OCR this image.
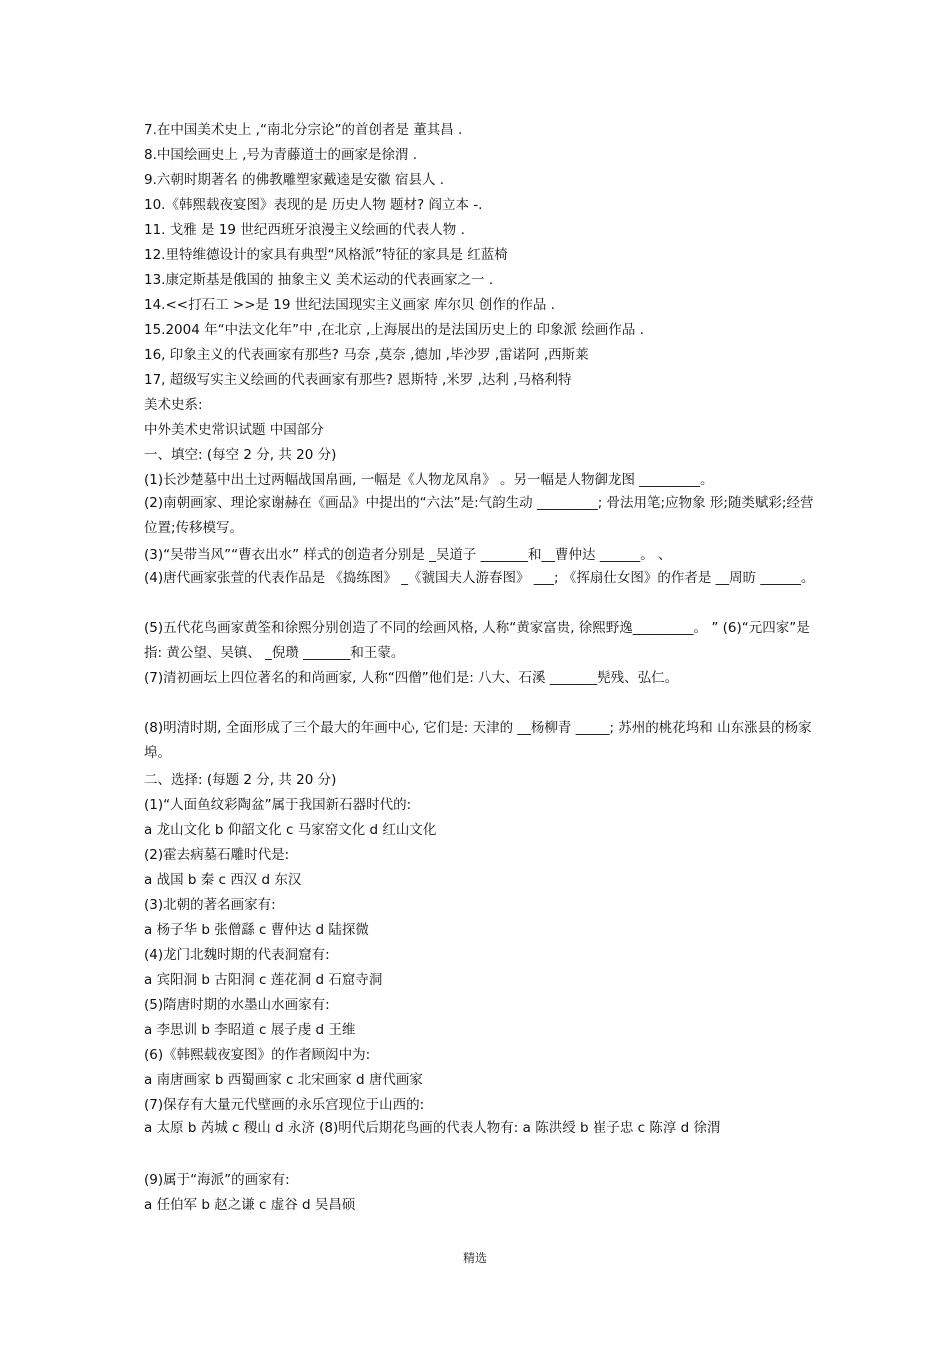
7.在中国美术史上 ,“南北分宗论”的首创者是 董其昌 .
8.中国绘画史上 ,号为青藤道士的画家是徐渭 .
9.六朝时期著名 的佛教雕塑家戴逵是安徽 宿县人 .
10.《韩熙载夜宴图》表现的是 历史人物 题材? 阎立本 -.
11. 戈雅 是 19 世纪西班牙浪漫主义绘画的代表人物 .
12.里特维德设计的家具有典型“风格派”特征的家具是 红蓝椅
13.康定斯基是俄国的 抽象主义 美术运动的代表画家之一 .
14.<<打石工 >>是 19 世纪法国现实主义画家 库尔贝 创作的作品 .
15.2004 年“中法文化年”中 ,在北京 ,上海展出的是法国历史上的 印象派 绘画作品 .
16, 印象主义的代表画家有那些? 马奈 ,莫奈 ,德加 ,毕沙罗 ,雷诺阿 ,西斯莱
17, 超级写实主义绘画的代表画家有那些? 恩斯特 ,米罗 ,达利 ,马格利特
美术史系:
中外美术史常识试题 中国部分
一、填空: (每空 2 分, 共 20 分)
(1)长沙楚墓中出土过两幅战国帛画, 一幅是《人物龙凤帛》 。另一幅是人物御龙图 _________。
(2)南朝画家、理论家谢赫在《画品》中提出的“六法”是:气韵生动 _________; 骨法用笔;应物象 形;随类赋彩;经营位置;传移模写。
(3)“吴带当风”“曹衣出水” 样式的创造者分别是 _吴道子 _______和__曹仲达 ______。 、
(4)唐代画家张萱的代表作品是 《捣练图》 _《虢国夫人游春图》 ___; 《挥扇仕女图》的作者是 __周昉 ______。
(5)五代花鸟画家黄筌和徐熙分别创造了不同的绘画风格, 人称“黄家富贵, 徐熙野逸_________。 ” (6)“元四家”是指: 黄公望、吴镇、 _倪瓒 _______和王蒙。
(7)清初画坛上四位著名的和尚画家, 人称“四僧”他们是: 八大、石溪 _______髡残、弘仁。
(8)明清时期, 全面形成了三个最大的年画中心, 它们是: 天津的 __杨柳青 _____; 苏州的桃花坞和 山东涨县的杨家埠。
二、选择: (每题 2 分, 共 20 分)
(1)“人面鱼纹彩陶盆”属于我国新石器时代的:
a 龙山文化 b 仰韶文化 c 马家窑文化 d 红山文化
(2)霍去病墓石雕时代是:
a 战国 b 秦 c 西汉 d 东汉
(3)北朝的著名画家有:
a 杨子华 b 张僧繇 c 曹仲达 d 陆探微
(4)龙门北魏时期的代表洞窟有:
a 宾阳洞 b 古阳洞 c 莲花洞 d 石窟寺洞
(5)隋唐时期的水墨山水画家有:
a 李思训 b 李昭道 c 展子虔 d 王维
(6)《韩熙载夜宴图》的作者顾闳中为:
a 南唐画家 b 西蜀画家 c 北宋画家 d 唐代画家
(7)保存有大量元代壁画的永乐宫现位于山西的:
a 太原 b 芮城 c 稷山 d 永济 (8)明代后期花鸟画的代表人物有: a 陈洪绶 b 崔子忠 c 陈淳 d 徐渭
(9)属于“海派”的画家有:
a 任伯军 b 赵之谦 c 虚谷 d 吴昌硕
精选
